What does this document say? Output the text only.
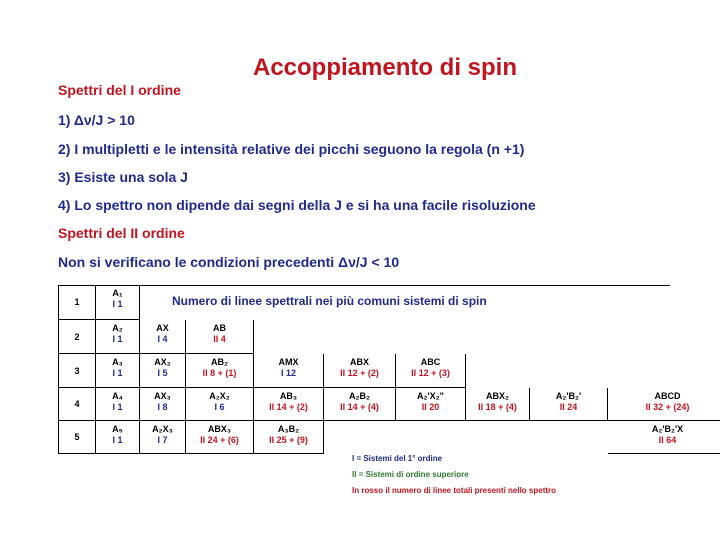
Accoppiamento di spin
Spettri del I ordine
1) Δν/J > 10
2) I multipletti e le intensità relative dei picchi seguono la regola (n +1)
3) Esiste una sola J
4) Lo spettro non dipende dai segni della J e si ha una facile risoluzione
Spettri del II ordine
Non si verificano le condizioni precedenti Δν/J < 10
1
A₁
I 1
2
A₂
I 1
AX
I 4
AB
II 4
3
A₃
I 1
AX₂
I 5
AB₂
II 8 + (1)
AMX
I 12
ABX
II 12 + (2)
ABC
II 12 + (3)
4
A₄
I 1
AX₃
I 8
A₂X₂
I 6
AB₃
II 14 + (2)
A₂B₂
II 14 + (4)
A₂'X₂"
II 20
ABX₂
II 18 + (4)
A₂'B₂'
II 24
ABCD
II 32 + (24)
5
A₅
I 1
A₂X₃
I 7
ABX₃
II 24 + (6)
A₃B₂
II 25 + (9)
A₂'B₂'X
II 64
Numero di linee spettrali nei più comuni sistemi di spin
I = Sistemi del 1° ordine
II = Sistemi di ordine superiore
In rosso il numero di linee totali presenti nello spettro
